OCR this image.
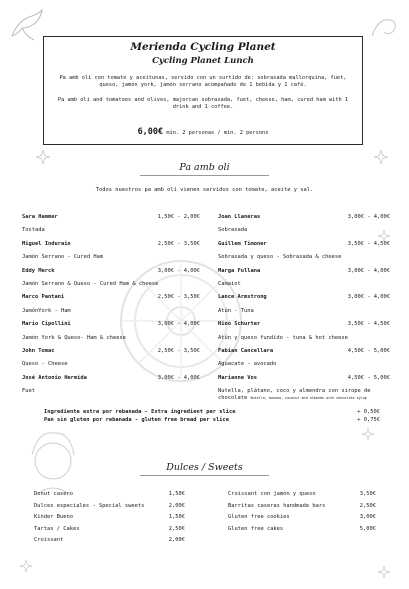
Merienda Cycling Planet
Cycling Planet Lunch
Pa amb oli con tomate y aceitunas, servido con un surtido de: sobrasada mallorquina, fuet,
queso, jamón york, jamón serrano acompañado de 1 bebida y 1 café.
Pa amb oli and tomatoes and olives, majorcan sobrasada, fuet, cheese, ham, cured ham with 1
drink and 1 coffee.
6,00€ mín. 2 personas / min. 2 persons
Pa amb oli
Todos nuestros pa amb oli vienen servidos con tomate, aceite y sal.
Sara Hammer	1,50€ - 2,00€
Tostada
Miguel Indurain	2,50€ - 3,50€
Jamón Serrano - Cured Ham
Eddy Merck	3,00€ - 4,00€
Jamón Serrano & Queso - Cured Ham & cheese
Marco Pantani	2,50€ - 3,50€
JamónYork - Ham
Mario Cipollini	3,00€ - 4,00€
Jamón York & Queso- Ham & cheese
John Tomac	2,50€ - 3,50€
Queso - Cheese
José Antonio Hermida	3,00€ - 4,00€
Fuet
Joan Llaneras	3,00€ - 4,00€
Sobrasada
Guillem Timoner	3,50€ - 4,50€
Sobrasada y queso - Sobrasada & cheese
Marga Fullana	3,00€ - 4,00€
Camaiot
Lance Armstrong	3,00€ - 4,00€
Atún - Tuna
Nino Schurter	3,50€ - 4,50€
Atún y queso fundido - tuna & hot cheese
Fabian Cancellara	4,50€ - 5,00€
Aguacate - avocado
Marianne Vos	4,50€ - 5,00€
Nutella, plátano, coco y almendra con sirope de
chocolate Nutella, banana, coconut and almonds with chocolate syrup
Ingrediente extra por rebanada - Extra ingredient per slice	+ 0,50€
Pan sin gluten por rebanada - gluten free bread per slice	+ 0,75€
Dulces / Sweets
Donut casero	1,50€
Dulces especiales - Special sweets	2,00€
Kinder Bueno	1,50€
Tartas / Cakes	2,50€
Croissant	2,00€
Croissant con jamón y queso	3,50€
Barritas caseras handmade bars	2,50€
Gluten free cookies	3,00€
Gluten free cakes	5,00€
